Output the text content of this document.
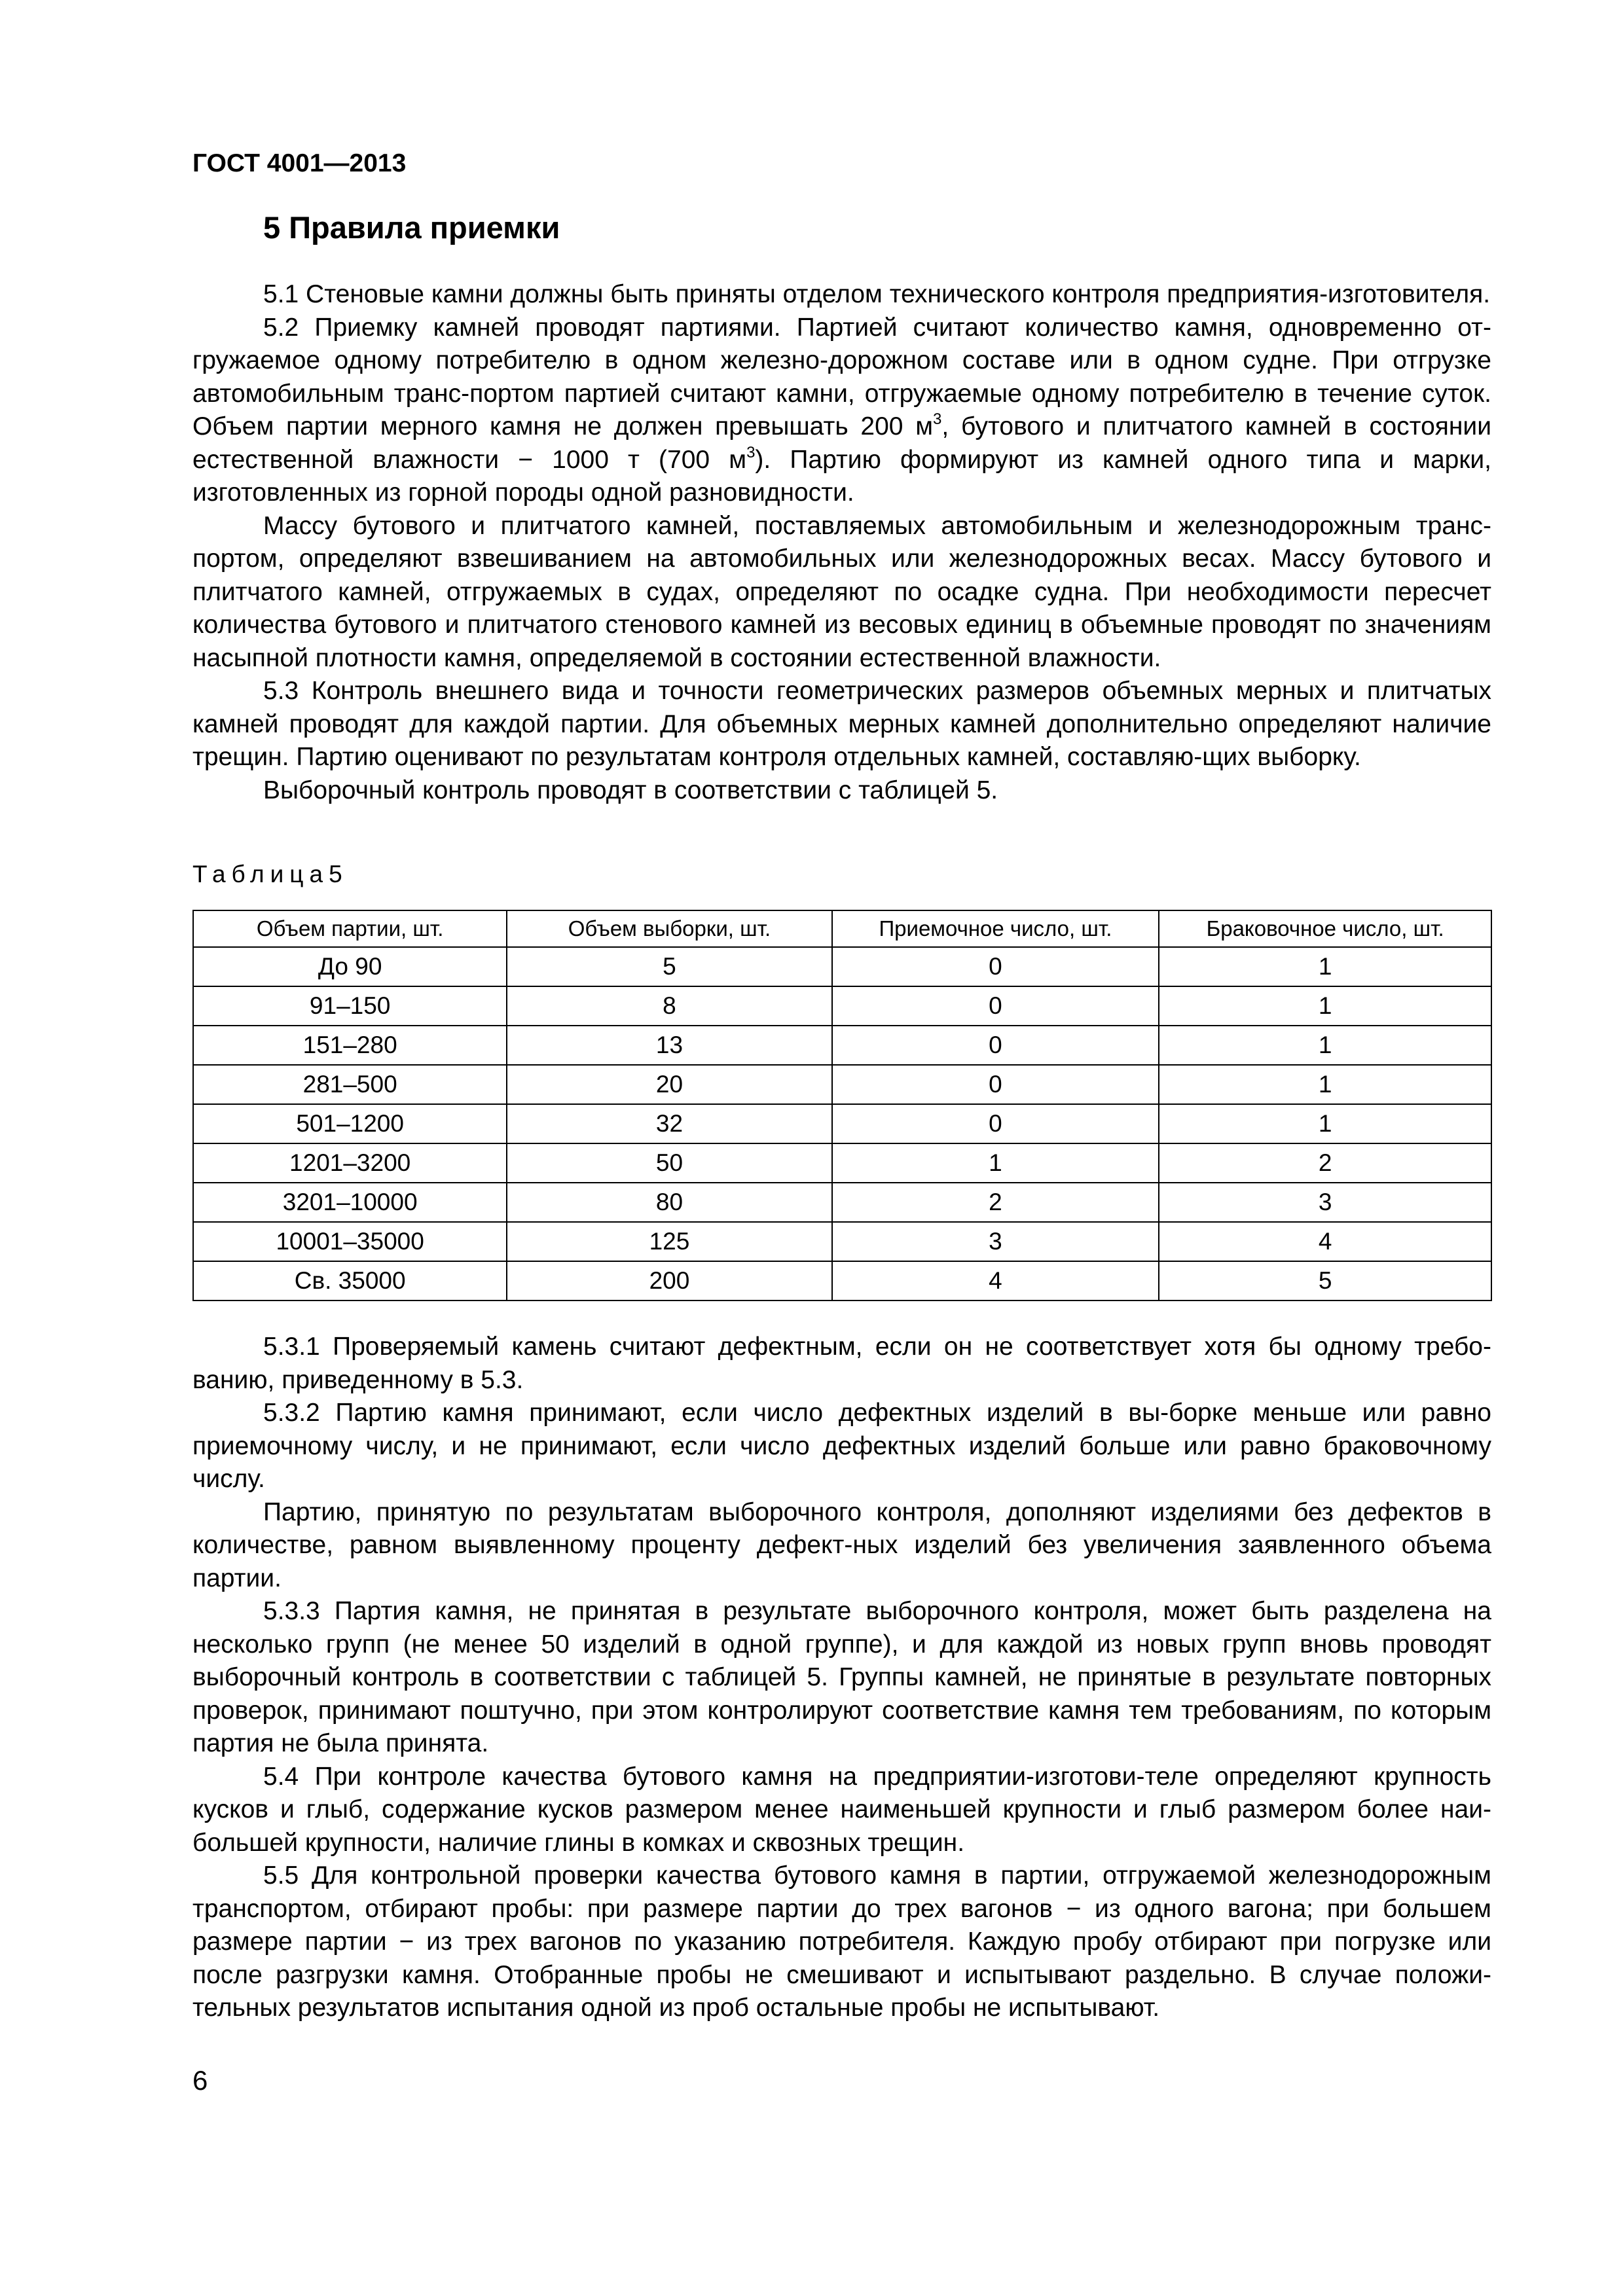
ГОСТ 4001—2013
5 Правила приемки

5.1 Стеновые камни должны быть приняты отделом технического контроля предприятия-изготовителя.

5.2 Приемку камней проводят партиями. Партией считают количество камня, одновременно отгружаемое одному потребителю в одном железно-дорожном составе или в одном судне. При отгрузке автомобильным транс-портом партией считают камни, отгружаемые одному потребителю в течение суток. Объем партии мерного камня не должен превышать 200 $м^3$, бутового и плитчатого камней в состоянии естественной влажности − 1000 т (700 $м^3$). Партию формируют из камней одного типа и марки, изготовленных из горной породы одной разновидности.

Массу бутового и плитчатого камней, поставляемых автомобильным и железнодорожным транспортом, определяют взвешиванием на автомобильных или железнодорожных весах. Массу бутового и плитчатого камней, отгружаемых в судах, определяют по осадке судна. При необходимости пересчет количества бутового и плитчатого стенового камней из весовых единиц в объемные проводят по значениям насыпной плотности камня, определяемой в состоянии естественной влажности.

5.3 Контроль внешнего вида и точности геометрических размеров объемных мерных и плитчатых камней проводят для каждой партии. Для объемных мерных камней дополнительно определяют наличие трещин. Партию оценивают по результатам контроля отдельных камней, составляю-щих выборку.

Выборочный контроль проводят в соответствии с таблицей 5.

Таблица5
Объем партии, шт.	Объем выборки, шт.	Приемочное число, шт.	Браковочное число, шт.
До 90	5	0	1
91–150	8	0	1
151–280	13	0	1
281–500	20	0	1
501–1200	32	0	1
1201–3200	50	1	2
3201–10000	80	2	3
10001–35000	125	3	4
Св. 35000	200	4	5

5.3.1 Проверяемый камень считают дефектным, если он не соответствует хотя бы одному требованию, приведенному в 5.3.

5.3.2 Партию камня принимают, если число дефектных изделий в вы-борке меньше или равно приемочному числу, и не принимают, если число дефектных изделий больше или равно браковочному числу.

Партию, принятую по результатам выборочного контроля, дополняют изделиями без дефектов в количестве, равном выявленному проценту дефект-ных изделий без увеличения заявленного объема партии.

5.3.3 Партия камня, не принятая в результате выборочного контроля, может быть разделена на несколько групп (не менее 50 изделий в одной группе), и для каждой из новых групп вновь проводят выборочный контроль в соответствии с таблицей 5. Группы камней, не принятые в результате повторных проверок, принимают поштучно, при этом контролируют соответствие камня тем требованиям, по которым партия не была принята.

5.4 При контроле качества бутового камня на предприятии-изготови-теле определяют крупность кусков и глыб, содержание кусков размером менее наименьшей крупности и глыб размером более наибольшей крупности, наличие глины в комках и сквозных трещин.

5.5 Для контрольной проверки качества бутового камня в партии, отгружаемой железнодорожным транспортом, отбирают пробы: при размере партии до трех вагонов − из одного вагона; при большем размере партии − из трех вагонов по указанию потребителя. Каждую пробу отбирают при погрузке или после разгрузки камня. Отобранные пробы не смешивают и испытывают раздельно. В случае положительных результатов испытания одной из проб остальные пробы не испытывают.

6
